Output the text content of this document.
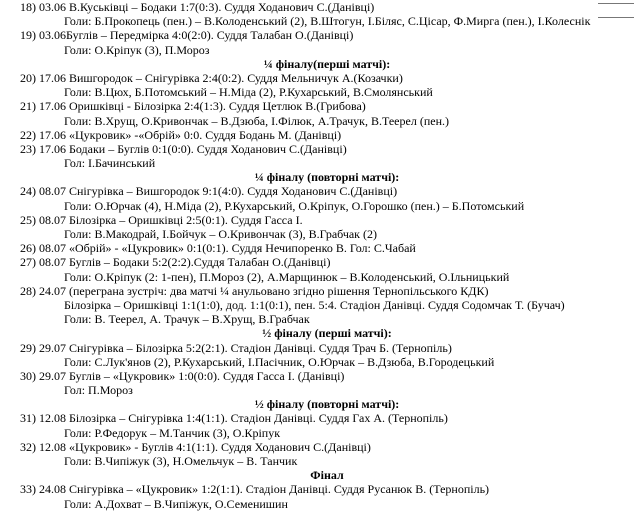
18) 03.06 В.Куськівці – Бодаки 1:7(0:3). Суддя Ходанович С.(Данівці)
Голи: Б.Прокопець (пен.) – В.Колоденський (2), В.Штогун, І.Біляс, С.Цісар, Ф.Мирга (пен.), І.Колеснік
19) 03.06Буглів – Передмірка 4:0(2:0). Суддя Талабан О.(Данівці)
Голи: О.Кріпук (3), П.Мороз
¼ фіналу(перші матчі):
20) 17.06 Вишгородок – Снігурівка 2:4(0:2). Суддя Мельничук А.(Козачки)
Голи: В.Цюх, Б.Потомський – Н.Міда (2), Р.Кухарський, В.Смолянський
21) 17.06 Оришківці - Білозірка 2:4(1:3). Суддя Цетлюк В.(Грибова)
Голи: В.Хрущ, О.Кривончак – В.Дзюба, І.Філюк, А.Трачук, В.Теерел (пен.)
22) 17.06 «Цукровик» -«Обрій» 0:0. Суддя Бодань М. (Данівці)
23) 17.06 Бодаки – Буглів 0:1(0:0). Суддя Ходанович С.(Данівці)
Гол: І.Бачинський
¼ фіналу (повторні матчі):
24) 08.07 Снігурівка – Вишгородок 9:1(4:0). Суддя Ходанович С.(Данівці)
Голи: О.Юрчак (4), Н.Міда (2), Р.Кухарський, О.Кріпук, О.Горошко (пен.) – Б.Потомський
25) 08.07 Білозірка – Оришківці 2:5(0:1). Суддя Гасса І.
Голи: В.Макодрай, І.Бойчук – О.Кривончак (3), В.Грабчак (2)
26) 08.07 «Обрій» - «Цукровик» 0:1(0:1). Суддя Нечипоренко В. Гол: С.Чабай
27) 08.07 Буглів – Бодаки 5:2(2:2).Суддя Талабан О.(Данівці)
Голи: О.Кріпук (2: 1-пен), П.Мороз (2), А.Марщинюк – В.Колоденський, О.Ільницький
28) 24.07 (перегранa зустріч: два матчі ¼ анульовано згідно рішення Тернопільського КДК)
Білозірка – Оришківці 1:1(1:0), дод. 1:1(0:1), пен. 5:4. Стадіон Данівці. Суддя Содомчак Т. (Бучач)
Голи: В. Теерел, А. Трачук – В.Хрущ, В.Грабчак
½ фіналу (перші матчі):
29) 29.07 Снігурівка – Білозірка 5:2(2:1). Стадіон Данівці. Суддя Трач Б. (Тернопіль)
Голи: С.Лук'янов (2), Р.Кухарський, І.Пасічник, О.Юрчак – В.Дзюба, В.Городецький
30) 29.07 Буглів – «Цукровик» 1:0(0:0). Суддя Гасса І. (Данівці)
Гол: П.Мороз
½ фіналу (повторні матчі):
31) 12.08 Білозірка – Снігурівка 1:4(1:1). Стадіон Данівці. Суддя Гах А. (Тернопіль)
Голи: Р.Федорук – М.Танчик (3), О.Кріпук
32) 12.08 «Цукровик» - Буглів 4:1(1:1). Суддя Ходанович С.(Данівці)
Голи: В.Чипіжук (3), Н.Омельчук – В. Танчик
Фінал
33) 24.08 Снігурівка – «Цукровик» 1:2(1:1). Стадіон Данівці. Суддя Русанюк В. (Тернопіль)
Голи: А.Дохват – В.Чипіжук, О.Семенишин
